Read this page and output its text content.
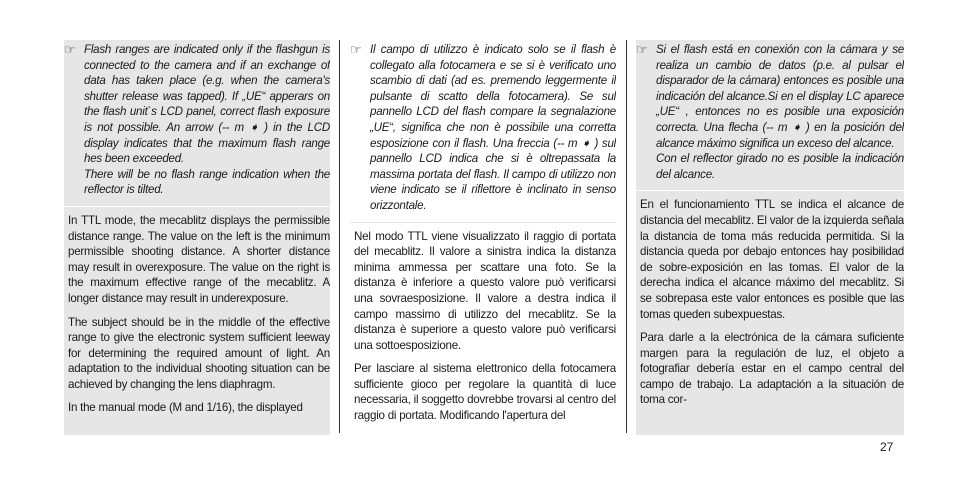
☞ Flash ranges are indicated only if the flashgun is connected to the camera and if an exchange of data has taken place (e.g. when the camera's shutter release was tapped). If „UE“ apperars on the flash unit`s LCD panel, correct flash exposure is not possible. An arrow (-- m ➧ ) in the LCD display indicates that the maximum flash range hes been exceeded.
There will be no flash range indication when the reflector is tilted.

In TTL mode, the mecablitz displays the permissible distance range. The value on the left is the minimum permissible shooting distance. A shorter distance may result in overexposure. The value on the right is the maximum effective range of the mecablitz. A longer distance may result in underexposure.

The subject should be in the middle of the effective range to give the electronic system sufficient leeway for determining the required amount of light. An adaptation to the individual shooting situation can be achieved by changing the lens diaphragm.

In the manual mode (M and 1/16), the displayed

☞ Il campo di utilizzo è indicato solo se il flash è collegato alla fotocamera e se si è verificato uno scambio di dati (ad es. premendo leggermente il pulsante di scatto della fotocamera). Se sul pannello LCD del flash compare la segnalazione „UE“, significa che non è possibile una corretta esposizione con il flash. Una freccia (-- m ➧ ) sul pannello LCD indica che si è oltrepassata la massima portata del flash. Il campo di utilizzo non viene indicato se il riflettore è inclinato in senso orizzontale.

Nel modo TTL viene visualizzato il raggio di portata del mecablitz. Il valore a sinistra indica la distanza minima ammessa per scattare una foto. Se la distanza è inferiore a questo valore può verificarsi una sovraesposizione. Il valore a destra indica il campo massimo di utilizzo del mecablitz. Se la distanza è superiore a questo valore può verificarsi una sottoesposizione.

Per lasciare al sistema elettronico della fotocamera sufficiente gioco per regolare la quantità di luce necessaria, il soggetto dovrebbe trovarsi al centro del raggio di portata. Modificando l'apertura del

☞ Si el flash está en conexión con la cámara y se realiza un cambio de datos (p.e. al pulsar el disparador de la cámara) entonces es posible una indicación del alcance.Si en el display LC aparece „UE“ , entonces no es posible una exposición correcta. Una flecha (-- m ➧ ) en la posición del alcance máximo significa un exceso del alcance.
Con el reflector girado no es posible la indicación del alcance.

En el funcionamiento TTL se indica el alcance de distancia del mecablitz. El valor de la izquierda señala la distancia de toma más reducida permitida. Si la distancia queda por debajo entonces hay posibilidad de sobre-exposición en las tomas. El valor de la derecha indica el alcance máximo del mecablitz. Si se sobrepasa este valor entonces es posible que las tomas queden subexpuestas.

Para darle a la electrónica de la cámara suficiente margen para la regulación de luz, el objeto a fotografiar debería estar en el campo central del campo de trabajo. La adaptación a la situación de toma cor-

27
